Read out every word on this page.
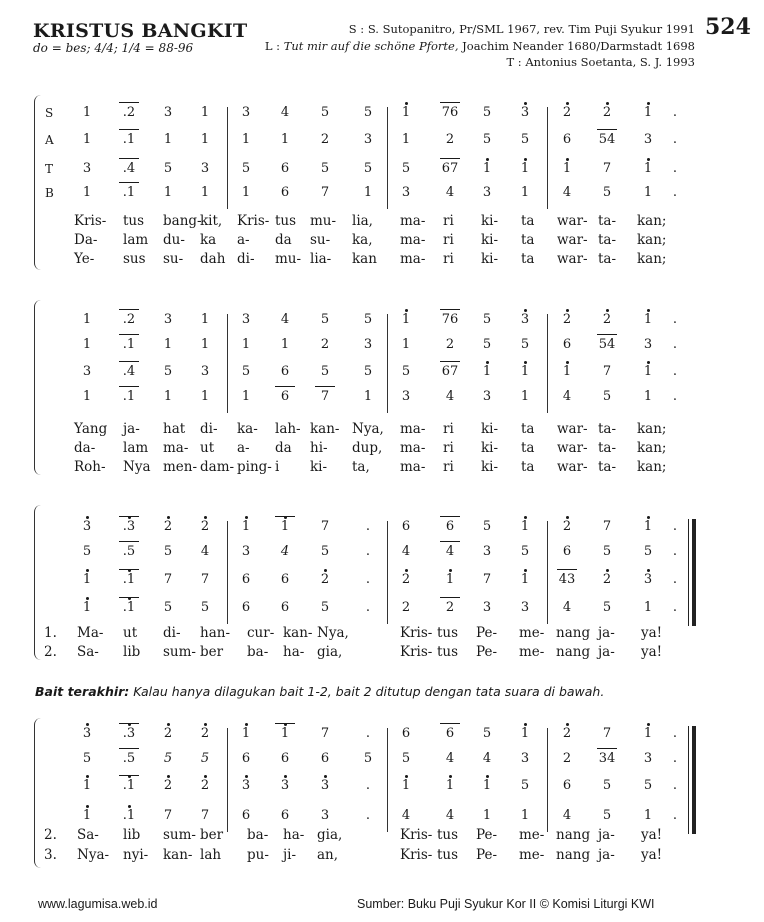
KRISTUS BANGKIT
do = bes; 4/4; 1/4 = 88-96
524
S : S. Sutopanitro, Pr/SML 1967, rev. Tim Puji Syukur 1991
L : Tut mir auf die schöne Pforte, Joachim Neander 1680/Darmstadt 1698
T : Antonius Soetanta, S. J. 1993
S	1	.2	3	1	3	4	5	5	1	76	5	3	2	2	1	.
A	1	.1	1	1	1	1	2	3	1	2	5	5	6	54	3	.
T	3	.4	5	3	5	6	5	5	5	67	1	1	1	7	1	.
B	1	.1	1	1	1	6	7	1	3	4	3	1	4	5	1	.
Kris- tus bang-
kit, Kris- tus mu- lia, ma- ri ki- ta war- ta- kan;
Da- lam du- ka a- da su- ka, ma- ri ki- ta war- ta- kan;
Ye- sus su- dah di- mu- lia- kan ma- ri ki- ta war- ta- kan;
1	.2	3	1	3	4	5	5	1	76	5	3	2	2	1	.
1	.1	1	1	1	1	2	3	1	2	5	5	6	54	3	.
3	.4	5	3	5	6	5	5	5	67	1	1	1	7	1	.
1	.1	1	1	1	6	7	1	3	4	3	1	4	5	1	.
Yang ja- hat di- ka- lah- kan- Nya, ma- ri ki- ta war- ta- kan;
da- lam ma- ut a- da hi- dup, ma- ri ki- ta war- ta- kan;
Roh- Nya men- dam- ping- i ki- ta, ma- ri ki- ta war- ta- kan;
3	.3	2	2	1	1	7	.	6	6	5	1	2	7	1	.
5	.5	5	4	3	4	5	.	4	4	3	5	6	5	5	.
1	.1	7	7	6	6	2	.	2	1	7	1	43	2	3	.
1	.1	5	5	6	6	5	.	2	2	3	3	4	5	1	.
1. Ma- ut di- han- cur- kan- Nya,	Kris- tus Pe- me- nang ja- ya!
2. Sa- lib sum- ber ba- ha- gia,	Kris- tus Pe- me- nang ja- ya!
3	.3	2	2	1	1	7	.	6	6	5	1	2	7	1	.
5	.5	5	5	6	6	6	5	5	4	4	3	2	34	3	.
1	.1	2	2	3	3	3	.	1	1	1	5	6	5	5	.
1	.1	7	7	6	6	3	.	4	4	1	1	4	5	1	.
2. Sa- lib sum- ber ba- ha- gia,	Kris- tus Pe- me- nang ja- ya!
3. Nya- nyi- kan- lah pu- ji- an,	Kris- tus Pe- me- nang ja- ya!
Bait terakhir: Kalau hanya dilagukan bait 1-2, bait 2 ditutup dengan tata suara di bawah.
www.lagumisa.web.id	Sumber: Buku Puji Syukur Kor II © Komisi Liturgi KWI
